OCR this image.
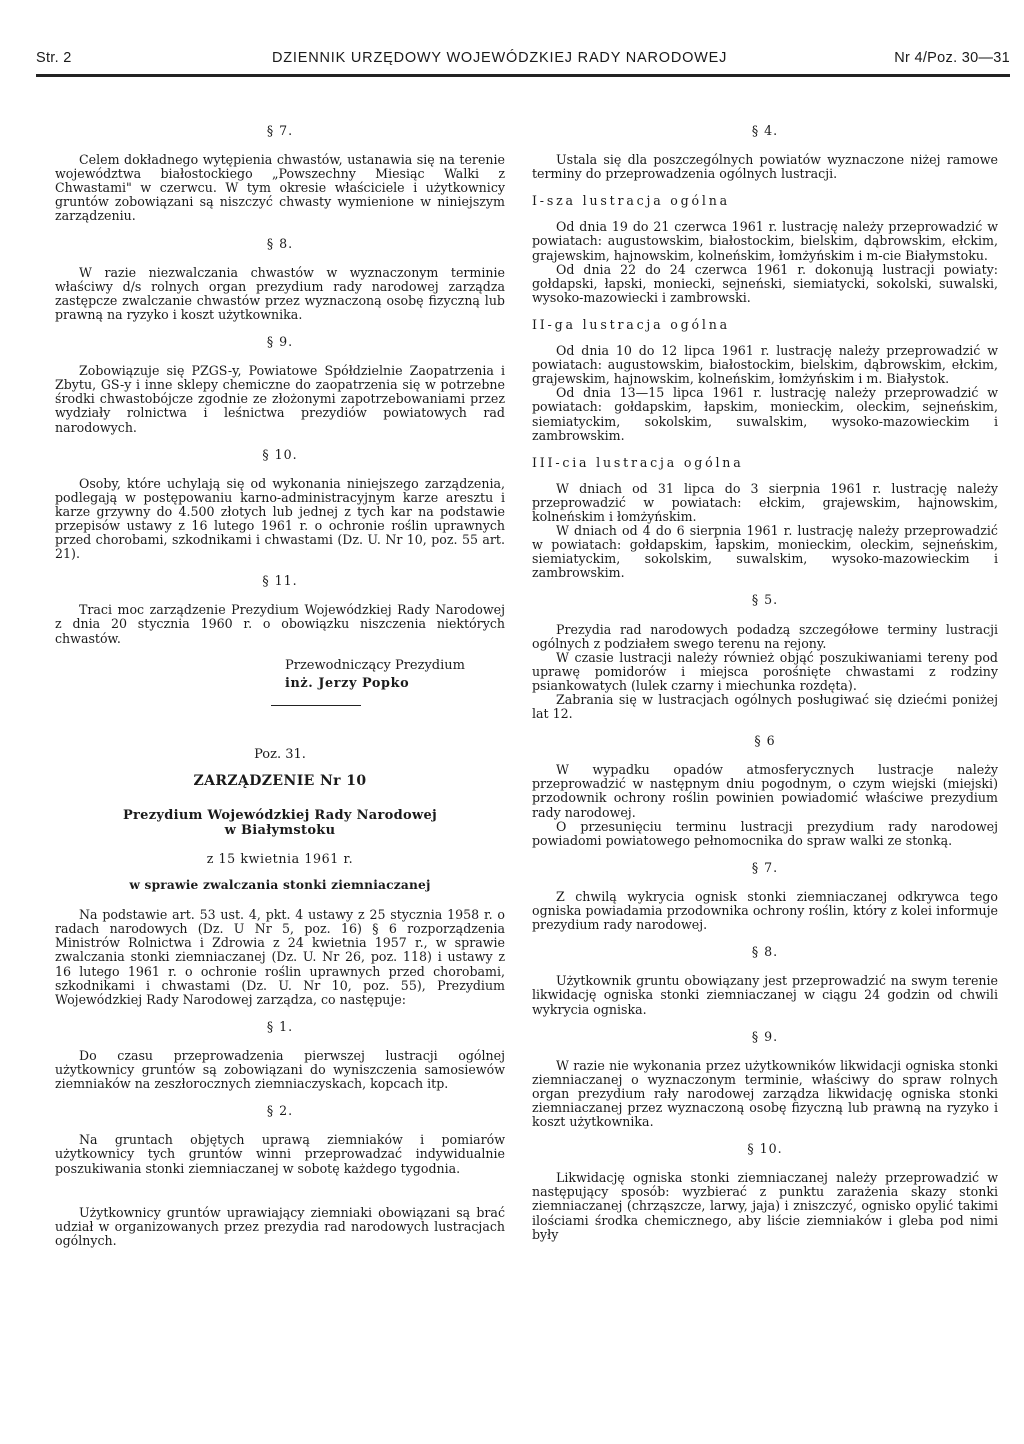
Str. 2	DZIENNIK URZĘDOWY WOJEWÓDZKIEJ RADY NARODOWEJ	Nr 4/Poz. 30—31
§ 7.

Celem dokładnego wytępienia chwastów, ustanawia się na terenie województwa białostockiego „Powszechny Miesiąc Walki z Chwastami" w czerwcu. W tym okresie właściciele i użytkownicy gruntów zobowiązani są niszczyć chwasty wymienione w niniejszym zarządzeniu.

§ 8.

W razie niezwalczania chwastów w wyznaczonym terminie właściwy d/s rolnych organ prezydium rady narodowej zarządza zastępcze zwalczanie chwastów przez wyznaczoną osobę fizyczną lub prawną na ryzyko i koszt użytkownika.

§ 9.

Zobowiązuje się PZGS-y, Powiatowe Spółdzielnie Zaopatrzenia i Zbytu, GS-y i inne sklepy chemiczne do zaopatrzenia się w potrzebne środki chwastobójcze zgodnie ze złożonymi zapotrzebowaniami przez wydziały rolnictwa i leśnictwa prezydiów powiatowych rad narodowych.

§ 10.

Osoby, które uchylają się od wykonania niniejszego zarządzenia, podlegają w postępowaniu karno-administracyjnym karze aresztu i karze grzywny do 4.500 złotych lub jednej z tych kar na podstawie przepisów ustawy z 16 lutego 1961 r. o ochronie roślin uprawnych przed chorobami, szkodnikami i chwastami (Dz. U. Nr 10, poz. 55 art. 21).

§ 11.

Traci moc zarządzenie Prezydium Wojewódzkiej Rady Narodowej z dnia 20 stycznia 1960 r. o obowiązku niszczenia niektórych chwastów.

Przewodniczący Prezydium
inż. Jerzy Popko
Poz. 31.
ZARZĄDZENIE Nr 10
Prezydium Wojewódzkiej Rady Narodowej
w Białymstoku
z 15 kwietnia 1961 r.
w sprawie zwalczania stonki ziemniaczanej

Na podstawie art. 53 ust. 4, pkt. 4 ustawy z 25 stycznia 1958 r. o radach narodowych (Dz. U Nr 5, poz. 16) § 6 rozporządzenia Ministrów Rolnictwa i Zdrowia z 24 kwietnia 1957 r., w sprawie zwalczania stonki ziemniaczanej (Dz. U. Nr 26, poz. 118) i ustawy z 16 lutego 1961 r. o ochronie roślin uprawnych przed chorobami, szkodnikami i chwastami (Dz. U. Nr 10, poz. 55), Prezydium Wojewódzkiej Rady Narodowej zarządza, co następuje:

§ 1.

Do czasu przeprowadzenia pierwszej lustracji ogólnej użytkownicy gruntów są zobowiązani do wyniszczenia samosiewów ziemniaków na zeszłorocznych ziemniaczyskach, kopcach itp.

§ 2.

Na gruntach objętych uprawą ziemniaków i pomiarów użytkownicy tych gruntów winni przeprowadzać indywidualnie poszukiwania stonki ziemniaczanej w sobotę każdego tygodnia.

Użytkownicy gruntów uprawiający ziemniaki obowiązani są brać udział w organizowanych przez prezydia rad narodowych lustracjach ogólnych.

§ 4.

Ustala się dla poszczególnych powiatów wyznaczone niżej ramowe terminy do przeprowadzenia ogólnych lustracji.

I-sza lustracja ogólna

Od dnia 19 do 21 czerwca 1961 r. lustrację należy przeprowadzić w powiatach: augustowskim, białostockim, bielskim, dąbrowskim, ełckim, grajewskim, hajnowskim, kolneńskim, łomżyńskim i m-cie Białymstoku.

Od dnia 22 do 24 czerwca 1961 r. dokonują lustracji powiaty: gołdapski, łapski, moniecki, sejneński, siemiatycki, sokolski, suwalski, wysoko-mazowiecki i zambrowski.

II-ga lustracja ogólna

Od dnia 10 do 12 lipca 1961 r. lustrację należy przeprowadzić w powiatach: augustowskim, białostockim, bielskim, dąbrowskim, ełckim, grajewskim, hajnowskim, kolneńskim, łomżyńskim i m. Białystok.

Od dnia 13—15 lipca 1961 r. lustrację należy przeprowadzić w powiatach: gołdapskim, łapskim, monieckim, oleckim, sejneńskim, siemiatyckim, sokolskim, suwalskim, wysoko-mazowieckim i zambrowskim.

III-cia lustracja ogólna

W dniach od 31 lipca do 3 sierpnia 1961 r. lustrację należy przeprowadzić w powiatach: ełckim, grajewskim, hajnowskim, kolneńskim i łomżyńskim.

W dniach od 4 do 6 sierpnia 1961 r. lustrację należy przeprowadzić w powiatach: gołdapskim, łapskim, monieckim, oleckim, sejneńskim, siemiatyckim, sokolskim, suwalskim, wysoko-mazowieckim i zambrowskim.

§ 5.

Prezydia rad narodowych podadzą szczegółowe terminy lustracji ogólnych z podziałem swego terenu na rejony.

W czasie lustracji należy również objąć poszukiwaniami tereny pod uprawę pomidorów i miejsca porośnięte chwastami z rodziny psiankowatych (lulek czarny i miechunka rozdęta).

Zabrania się w lustracjach ogólnych posługiwać się dziećmi poniżej lat 12.

§ 6

W wypadku opadów atmosferycznych lustracje należy przeprowadzić w następnym dniu pogodnym, o czym wiejski (miejski) przodownik ochrony roślin powinien powiadomić właściwe prezydium rady narodowej.

O przesunięciu terminu lustracji prezydium rady narodowej powiadomi powiatowego pełnomocnika do spraw walki ze stonką.

§ 7.

Z chwilą wykrycia ognisk stonki ziemniaczanej odkrywca tego ogniska powiadamia przodownika ochrony roślin, który z kolei informuje prezydium rady narodowej.

§ 8.

Użytkownik gruntu obowiązany jest przeprowadzić na swym terenie likwidację ogniska stonki ziemniaczanej w ciągu 24 godzin od chwili wykrycia ogniska.

§ 9.

W razie nie wykonania przez użytkowników likwidacji ogniska stonki ziemniaczanej o wyznaczonym terminie, właściwy do spraw rolnych organ prezydium rały narodowej zarządza likwidację ogniska stonki ziemniaczanej przez wyznaczoną osobę fizyczną lub prawną na ryzyko i koszt użytkownika.

§ 10.

Likwidację ogniska stonki ziemniaczanej należy przeprowadzić w następujący sposób: wyzbierać z punktu zarażenia skazy stonki ziemniaczanej (chrząszcze, larwy, jaja) i zniszczyć, ognisko opylić takimi ilościami środka chemicznego, aby liście ziemniaków i gleba pod nimi były
